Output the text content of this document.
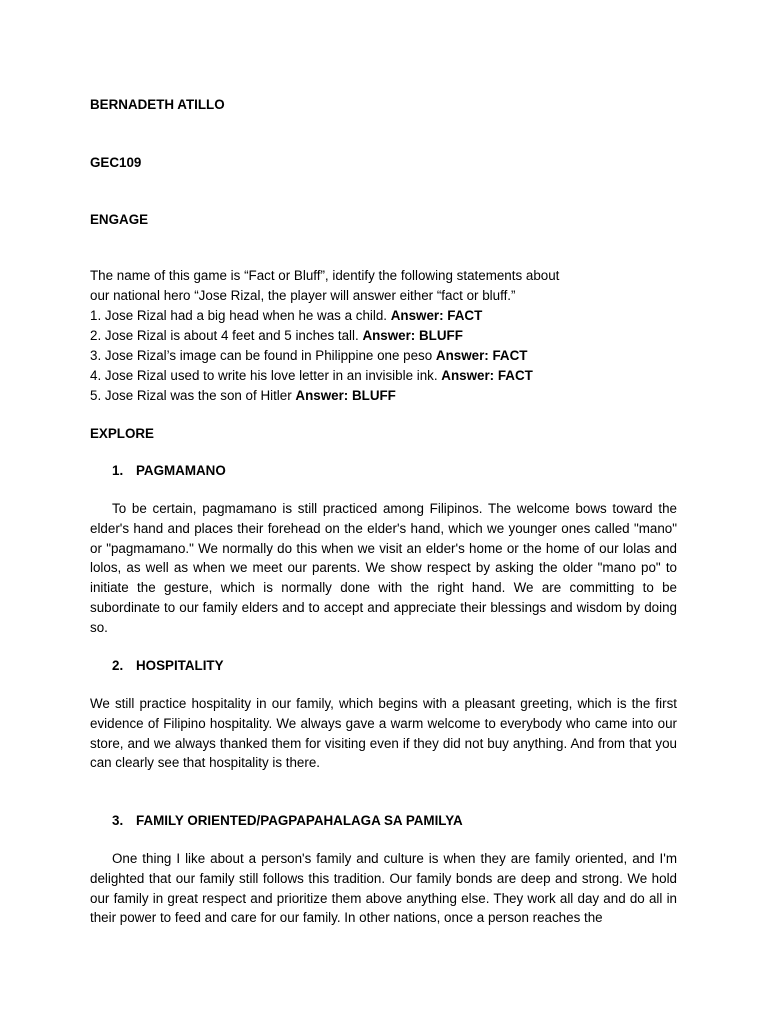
BERNADETH ATILLO
GEC109
ENGAGE
The name of this game is “Fact or Bluff”, identify the following statements about
our national hero “Jose Rizal, the player will answer either “fact or bluff.”
1. Jose Rizal had a big head when he was a child. Answer: FACT
2. Jose Rizal is about 4 feet and 5 inches tall. Answer: BLUFF
3. Jose Rizal’s image can be found in Philippine one peso Answer: FACT
4. Jose Rizal used to write his love letter in an invisible ink. Answer: FACT
5. Jose Rizal was the son of Hitler Answer: BLUFF
EXPLORE
1. PAGMAMANO
To be certain, pagmamano is still practiced among Filipinos. The welcome bows toward the elder's hand and places their forehead on the elder's hand, which we younger ones called "mano" or "pagmamano." We normally do this when we visit an elder's home or the home of our lolas and lolos, as well as when we meet our parents. We show respect by asking the older "mano po" to initiate the gesture, which is normally done with the right hand. We are committing to be subordinate to our family elders and to accept and appreciate their blessings and wisdom by doing so.
2. HOSPITALITY
We still practice hospitality in our family, which begins with a pleasant greeting, which is the first evidence of Filipino hospitality. We always gave a warm welcome to everybody who came into our store, and we always thanked them for visiting even if they did not buy anything. And from that you can clearly see that hospitality is there.
3. FAMILY ORIENTED/PAGPAPAHALAGA SA PAMILYA
One thing I like about a person's family and culture is when they are family oriented, and I'm delighted that our family still follows this tradition. Our family bonds are deep and strong. We hold our family in great respect and prioritize them above anything else. They work all day and do all in their power to feed and care for our family. In other nations, once a person reaches the
